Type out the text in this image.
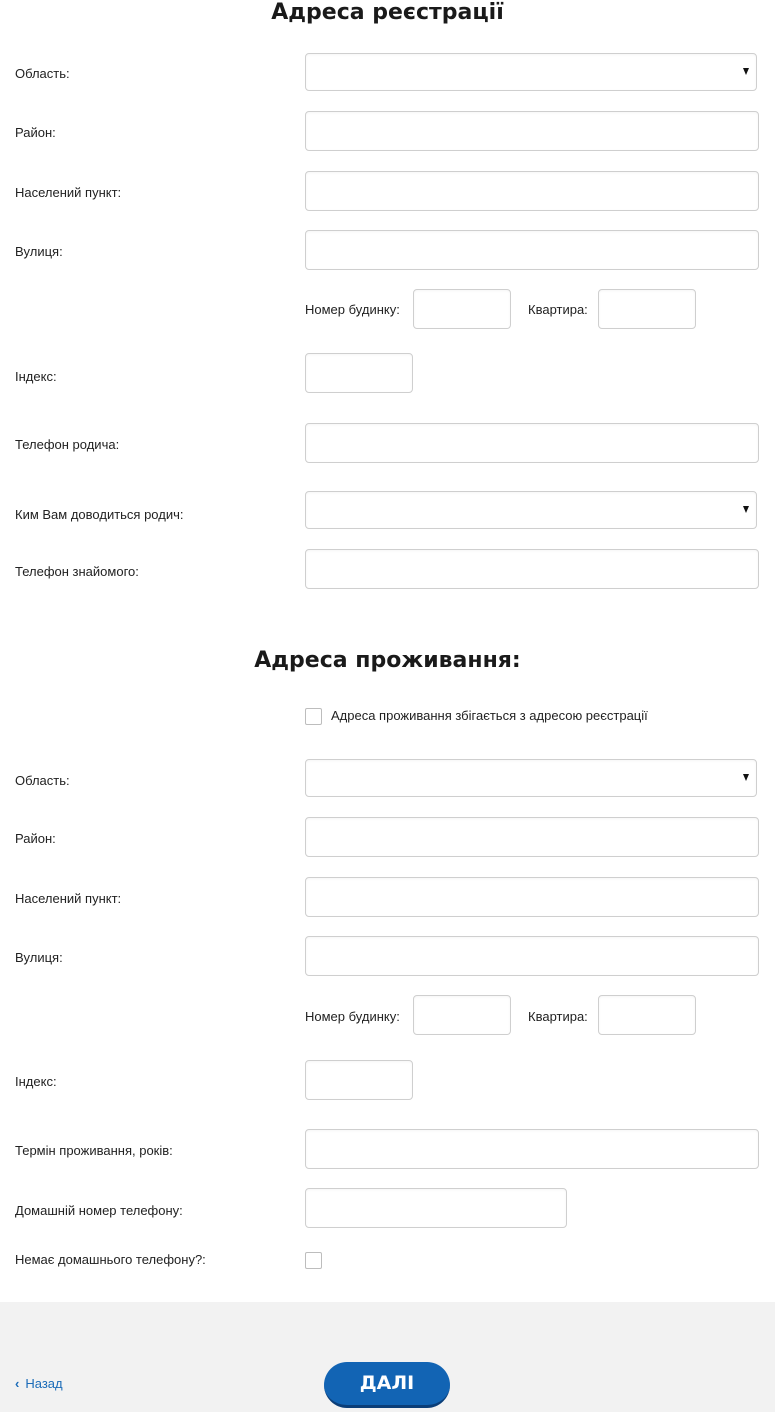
Адреса реєстрації
Область:
Район:
Населений пункт:
Вулиця:
Номер будинку:	Квартира:
Індекс:
Телефон родича:
Ким Вам доводиться родич:
Телефон знайомого:
Адреса проживання:
Адреса проживання збігається з адресою реєстрації
Область:
Район:
Населений пункт:
Вулиця:
Номер будинку:	Квартира:
Індекс:
Термін проживання, років:
Домашній номер телефону:
Немає домашнього телефону?:
‹ Назад	ДАЛІ
